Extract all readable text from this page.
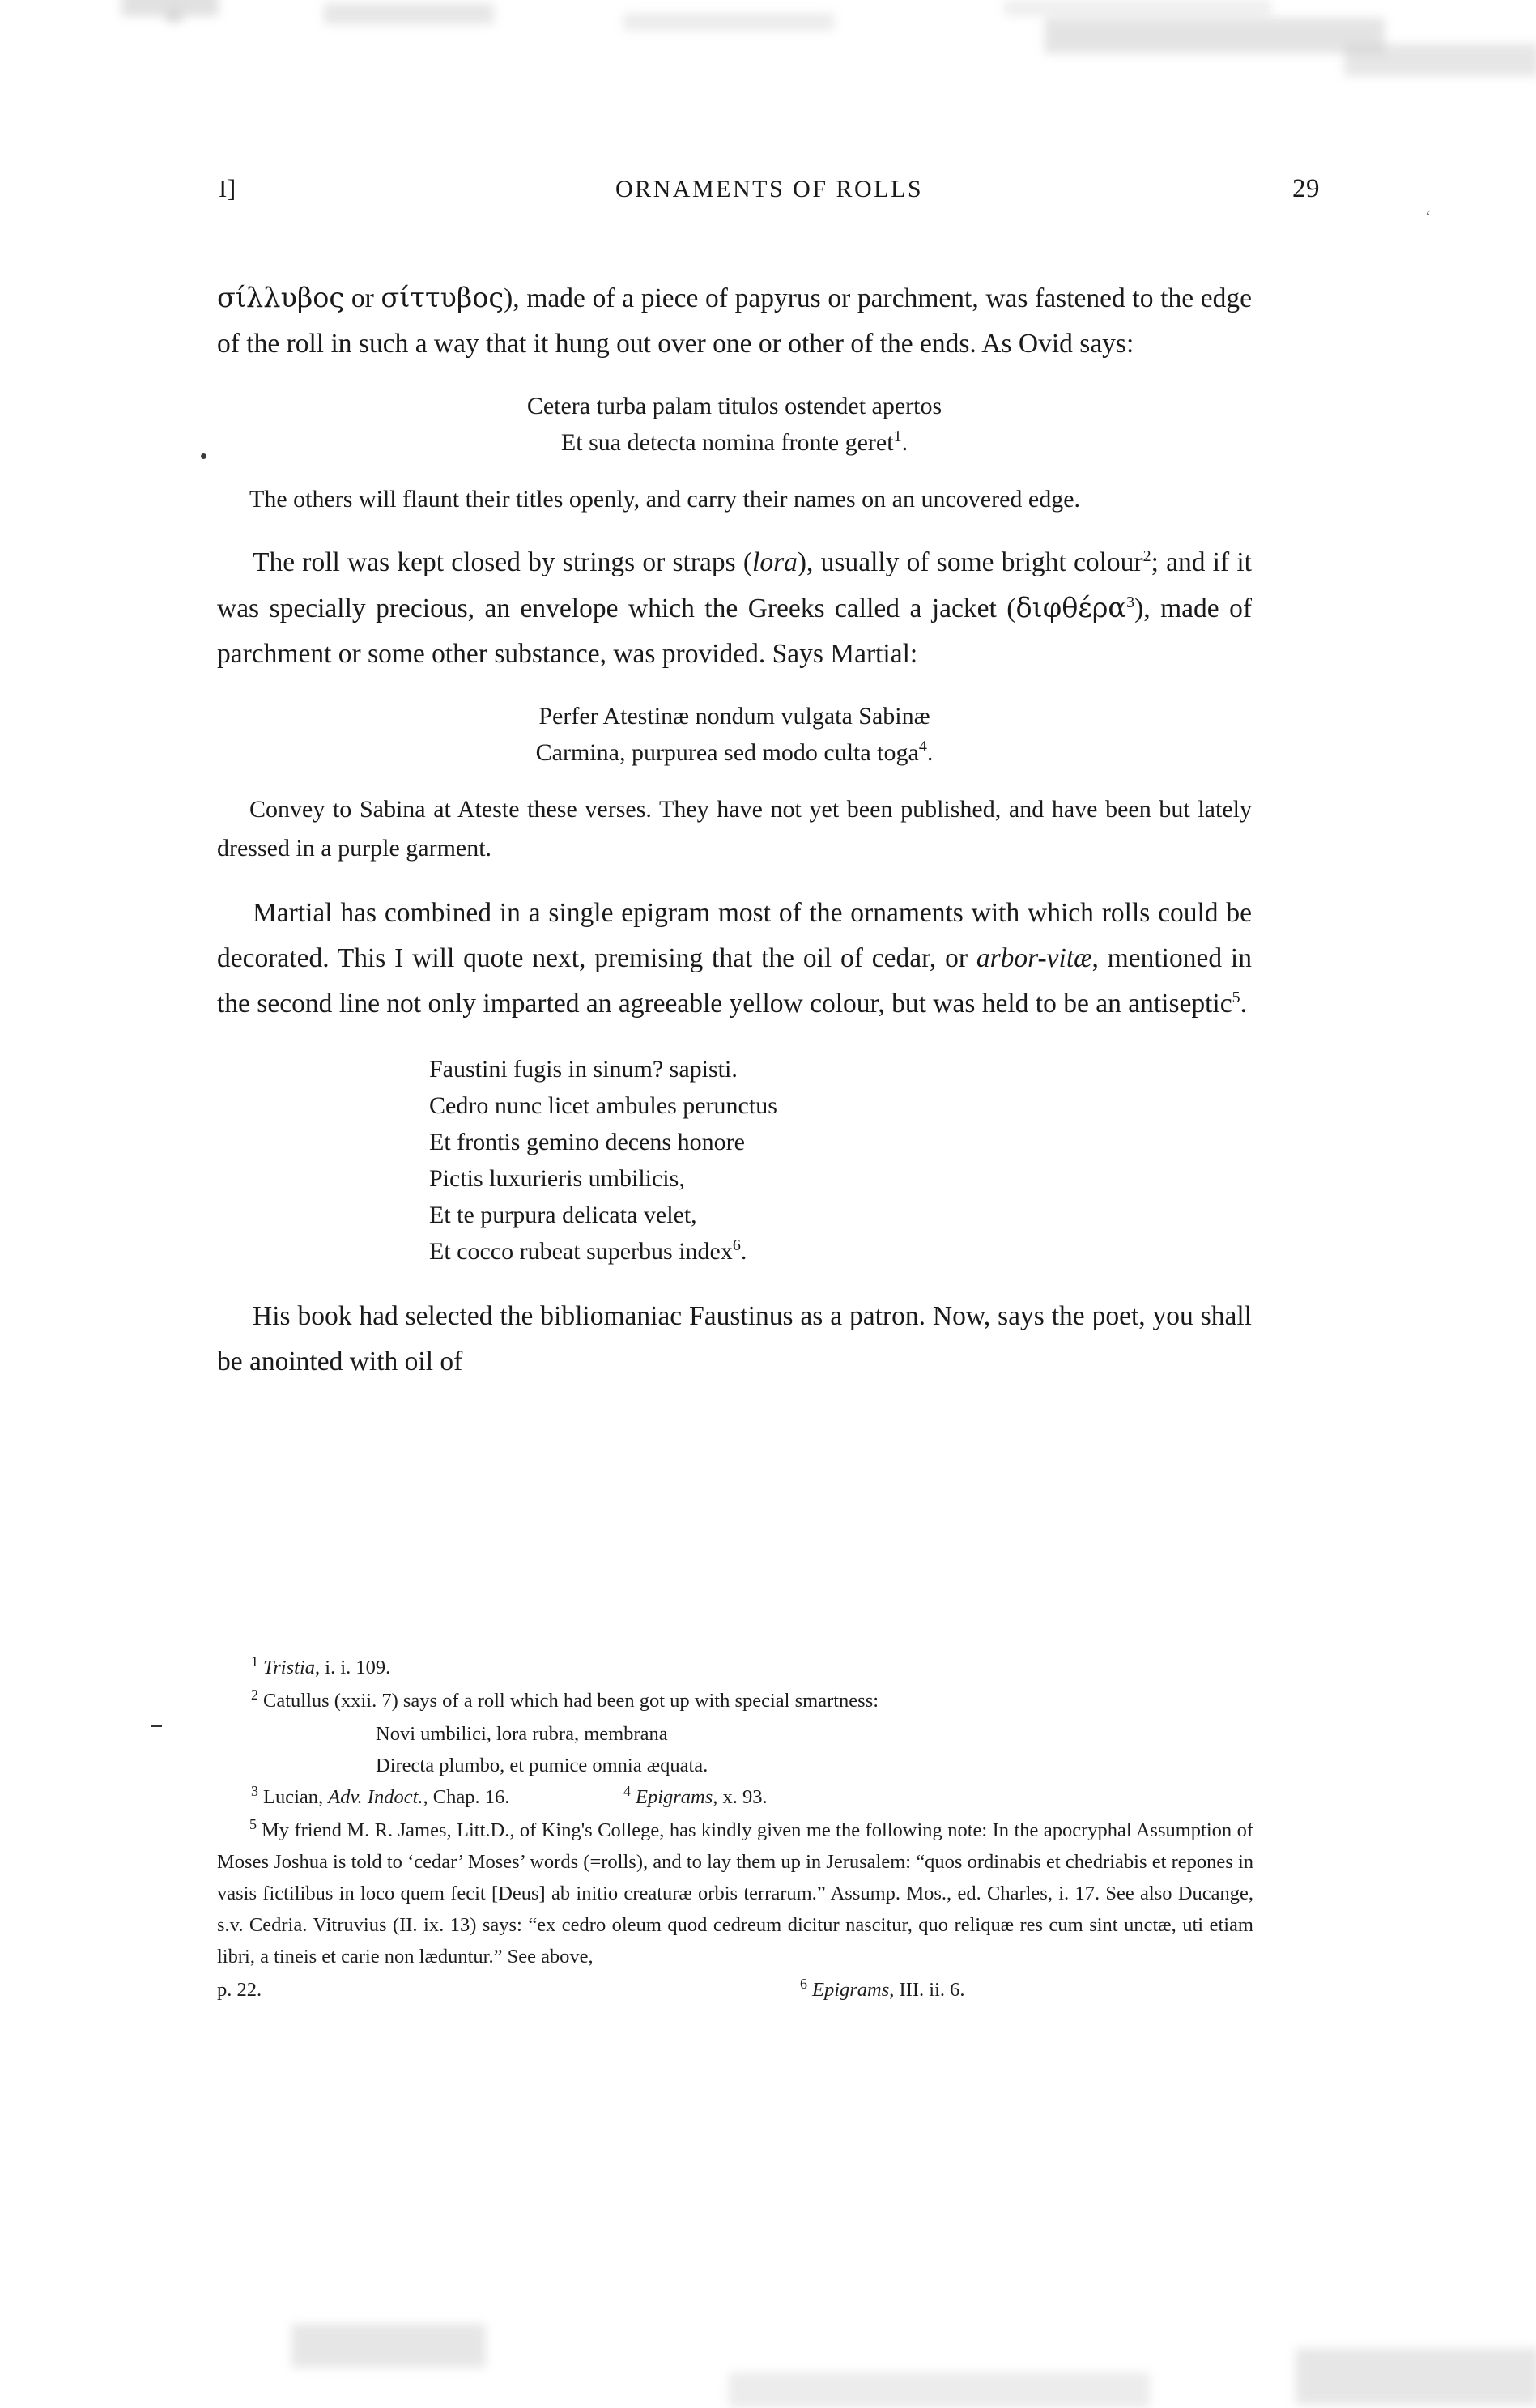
I]	ORNAMENTS OF ROLLS	29
‘

σίλλυβος or σίττυβος), made of a piece of papyrus or parchment, was fastened to the edge of the roll in such a way that it hung out over one or other of the ends. As Ovid says:

Cetera turba palam titulos ostendet apertos
Et sua detecta nomina fronte geret$^1$.

The others will flaunt their titles openly, and carry their names on an uncovered edge.

The roll was kept closed by strings or straps (lora), usually of some bright colour$^2$; and if it was specially precious, an envelope which the Greeks called a jacket (διφθέρα$^3$), made of parchment or some other substance, was provided. Says Martial:

Perfer Atestinæ nondum vulgata Sabinæ
Carmina, purpurea sed modo culta toga$^4$.

Convey to Sabina at Ateste these verses. They have not yet been published, and have been but lately dressed in a purple garment.

Martial has combined in a single epigram most of the ornaments with which rolls could be decorated. This I will quote next, premising that the oil of cedar, or arbor-vitæ, mentioned in the second line not only imparted an agreeable yellow colour, but was held to be an antiseptic$^5$.

Faustini fugis in sinum? sapisti.
Cedro nunc licet ambules perunctus
Et frontis gemino decens honore
Pictis luxurieris umbilicis,
Et te purpura delicata velet,
Et cocco rubeat superbus index$^6$.

His book had selected the bibliomaniac Faustinus as a patron. Now, says the poet, you shall be anointed with oil of

$^1$ Tristia, i. i. 109.
$^2$ Catullus (xxii. 7) says of a roll which had been got up with special smartness:
Novi umbilici, lora rubra, membrana
Directa plumbo, et pumice omnia æquata.
$^3$ Lucian, Adv. Indoct., Chap. 16.	$^4$ Epigrams, x. 93.
$^5$ My friend M. R. James, Litt.D., of King's College, has kindly given me the following note: In the apocryphal Assumption of Moses Joshua is told to ‘cedar’ Moses’ words (=rolls), and to lay them up in Jerusalem: “quos ordinabis et chedriabis et repones in vasis fictilibus in loco quem fecit [Deus] ab initio creaturæ orbis terrarum.” Assump. Mos., ed. Charles, i. 17. See also Ducange, s.v. Cedria. Vitruvius (II. ix. 13) says: “ex cedro oleum quod cedreum dicitur nascitur, quo reliquæ res cum sint unctæ, uti etiam libri, a tineis et carie non læduntur.” See above,
p. 22.	$^6$ Epigrams, III. ii. 6.
